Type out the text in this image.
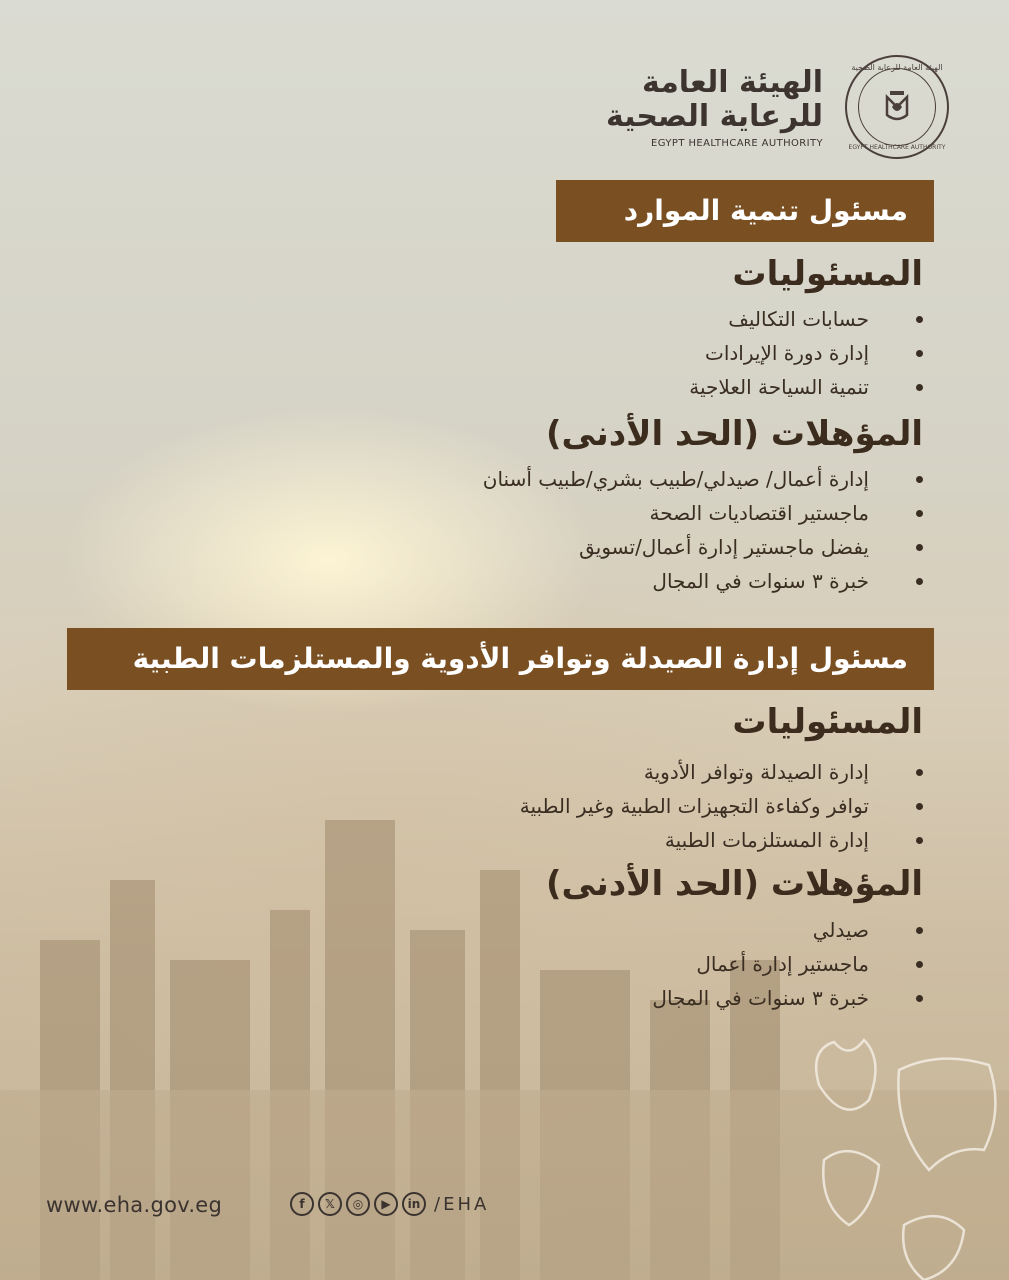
الهيئة العامة
للرعاية الصحية
EGYPT HEALTHCARE AUTHORITY
الهيئة العامة للرعاية الصحية
EGYPT HEALTHCARE AUTHORITY
مسئول تنمية الموارد
المسئوليات
حسابات التكاليف
إدارة دورة الإيرادات
تنمية السياحة العلاجية
المؤهلات (الحد الأدنى)
إدارة أعمال/ صيدلي/طبيب بشري/طبيب أسنان
ماجستير اقتصاديات الصحة
يفضل ماجستير إدارة أعمال/تسويق
خبرة ٣ سنوات في المجال
مسئول إدارة الصيدلة وتوافر الأدوية والمستلزمات الطبية
المسئوليات
إدارة الصيدلة وتوافر الأدوية
توافر وكفاءة التجهيزات الطبية وغير الطبية
إدارة المستلزمات الطبية
المؤهلات (الحد الأدنى)
صيدلي
ماجستير إدارة أعمال
خبرة ٣ سنوات في المجال
www.eha.gov.eg	f	𝕏	◎	▶	in /EHA
